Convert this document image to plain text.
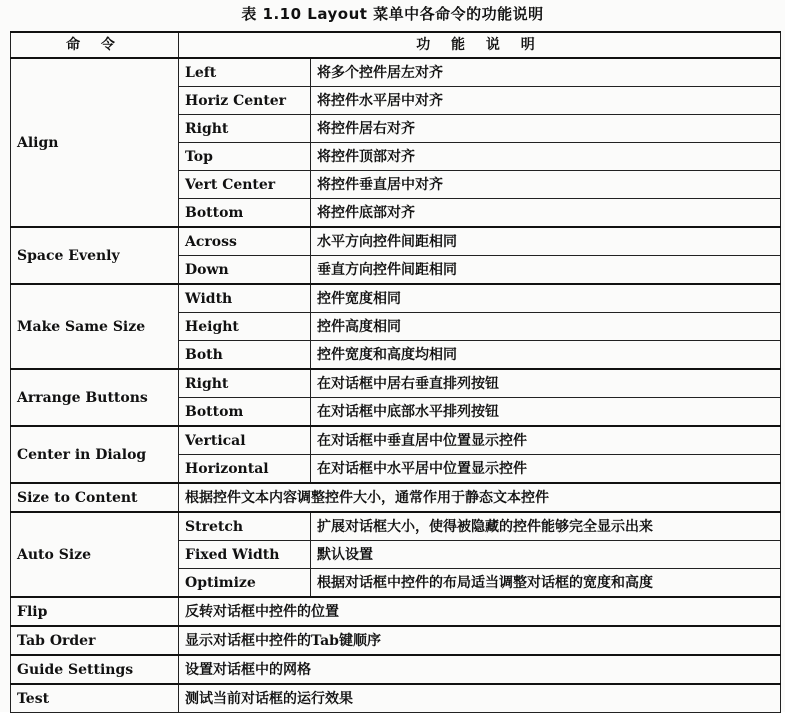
表 1.10 Layout 菜单中各命令的功能说明
命 令	功 能 说 明	
Align	Left	将多个控件居左对齐
	Horiz Center	将控件水平居中对齐
	Right	将控件居右对齐
	Top	将控件顶部对齐
	Vert Center	将控件垂直居中对齐
	Bottom	将控件底部对齐
Space Evenly	Across	水平方向控件间距相同
	Down	垂直方向控件间距相同
Make Same Size	Width	控件宽度相同
	Height	控件高度相同
	Both	控件宽度和高度均相同
Arrange Buttons	Right	在对话框中居右垂直排列按钮
	Bottom	在对话框中底部水平排列按钮
Center in Dialog	Vertical	在对话框中垂直居中位置显示控件
	Horizontal	在对话框中水平居中位置显示控件
Size to Content	根据控件文本内容调整控件大小，通常作用于静态文本控件	
Auto Size	Stretch	扩展对话框大小，使得被隐藏的控件能够完全显示出来
	Fixed Width	默认设置
	Optimize	根据对话框中控件的布局适当调整对话框的宽度和高度
Flip	反转对话框中控件的位置	
Tab Order	显示对话框中控件的Tab键顺序	
Guide Settings	设置对话框中的网格	
Test	测试当前对话框的运行效果	
